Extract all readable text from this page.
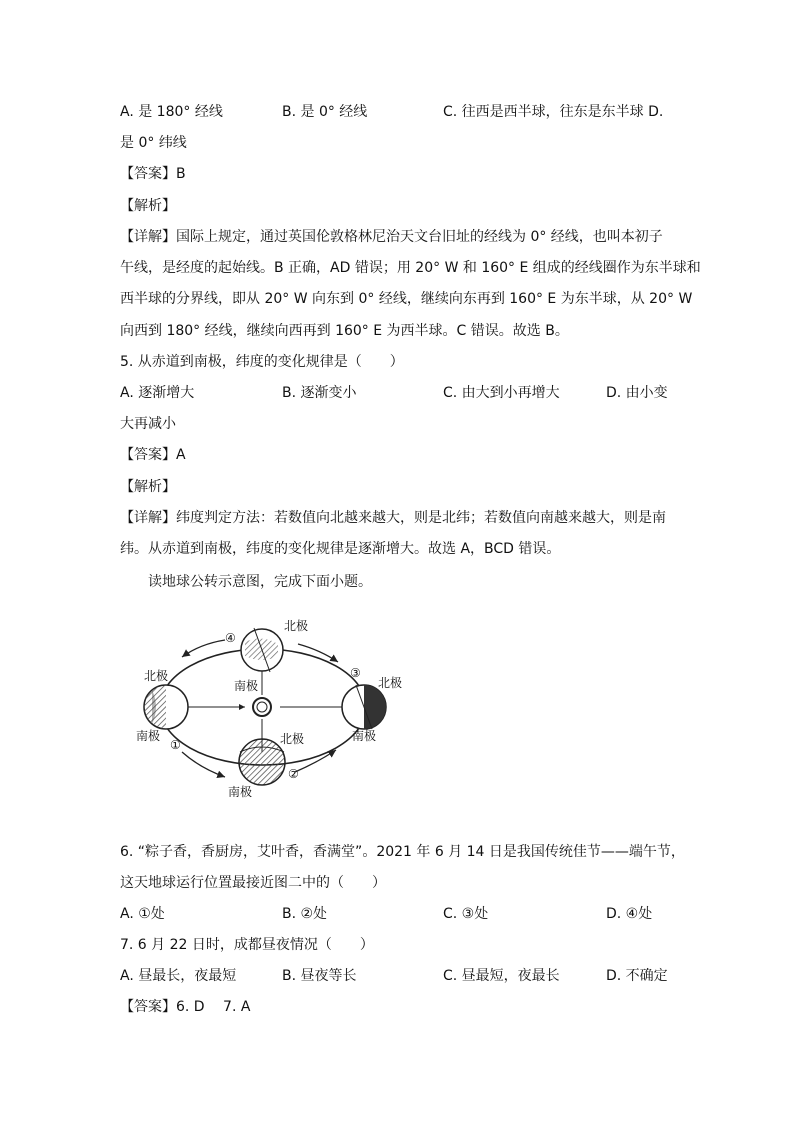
A. 是 180° 经线	B. 是 0° 经线	C. 往西是西半球，往东是东半球 D.
是 0° 纬线
【答案】B
【解析】
【详解】国际上规定，通过英国伦敦格林尼治天文台旧址的经线为 0° 经线，也叫本初子
午线，是经度的起始线。B 正确，AD 错误；用 20° W 和 160° E 组成的经线圈作为东半球和
西半球的分界线，即从 20° W 向东到 0° 经线，继续向东再到 160° E 为东半球，从 20° W
向西到 180° 经线，继续向西再到 160° E 为西半球。C 错误。故选 B。
5. 从赤道到南极，纬度的变化规律是（　　）
A. 逐渐增大	B. 逐渐变小	C. 由大到小再增大	D. 由小变
大再减小
【答案】A
【解析】
【详解】纬度判定方法：若数值向北越来越大，则是北纬；若数值向南越来越大，则是南
纬。从赤道到南极，纬度的变化规律是逐渐增大。故选 A，BCD 错误。
读地球公转示意图，完成下面小题。
北极
南极
北极
南极
北极
南极
北极
南极
①
②
③
④
6. “粽子香，香厨房，艾叶香，香满堂”。2021 年 6 月 14 日是我国传统佳节——端午节，
这天地球运行位置最接近图二中的（　　）
A. ①处	B. ②处	C. ③处	D. ④处
7. 6 月 22 日时，成都昼夜情况（　　）
A. 昼最长，夜最短	B. 昼夜等长	C. 昼最短，夜最长	D. 不确定
【答案】6. D　 7. A
